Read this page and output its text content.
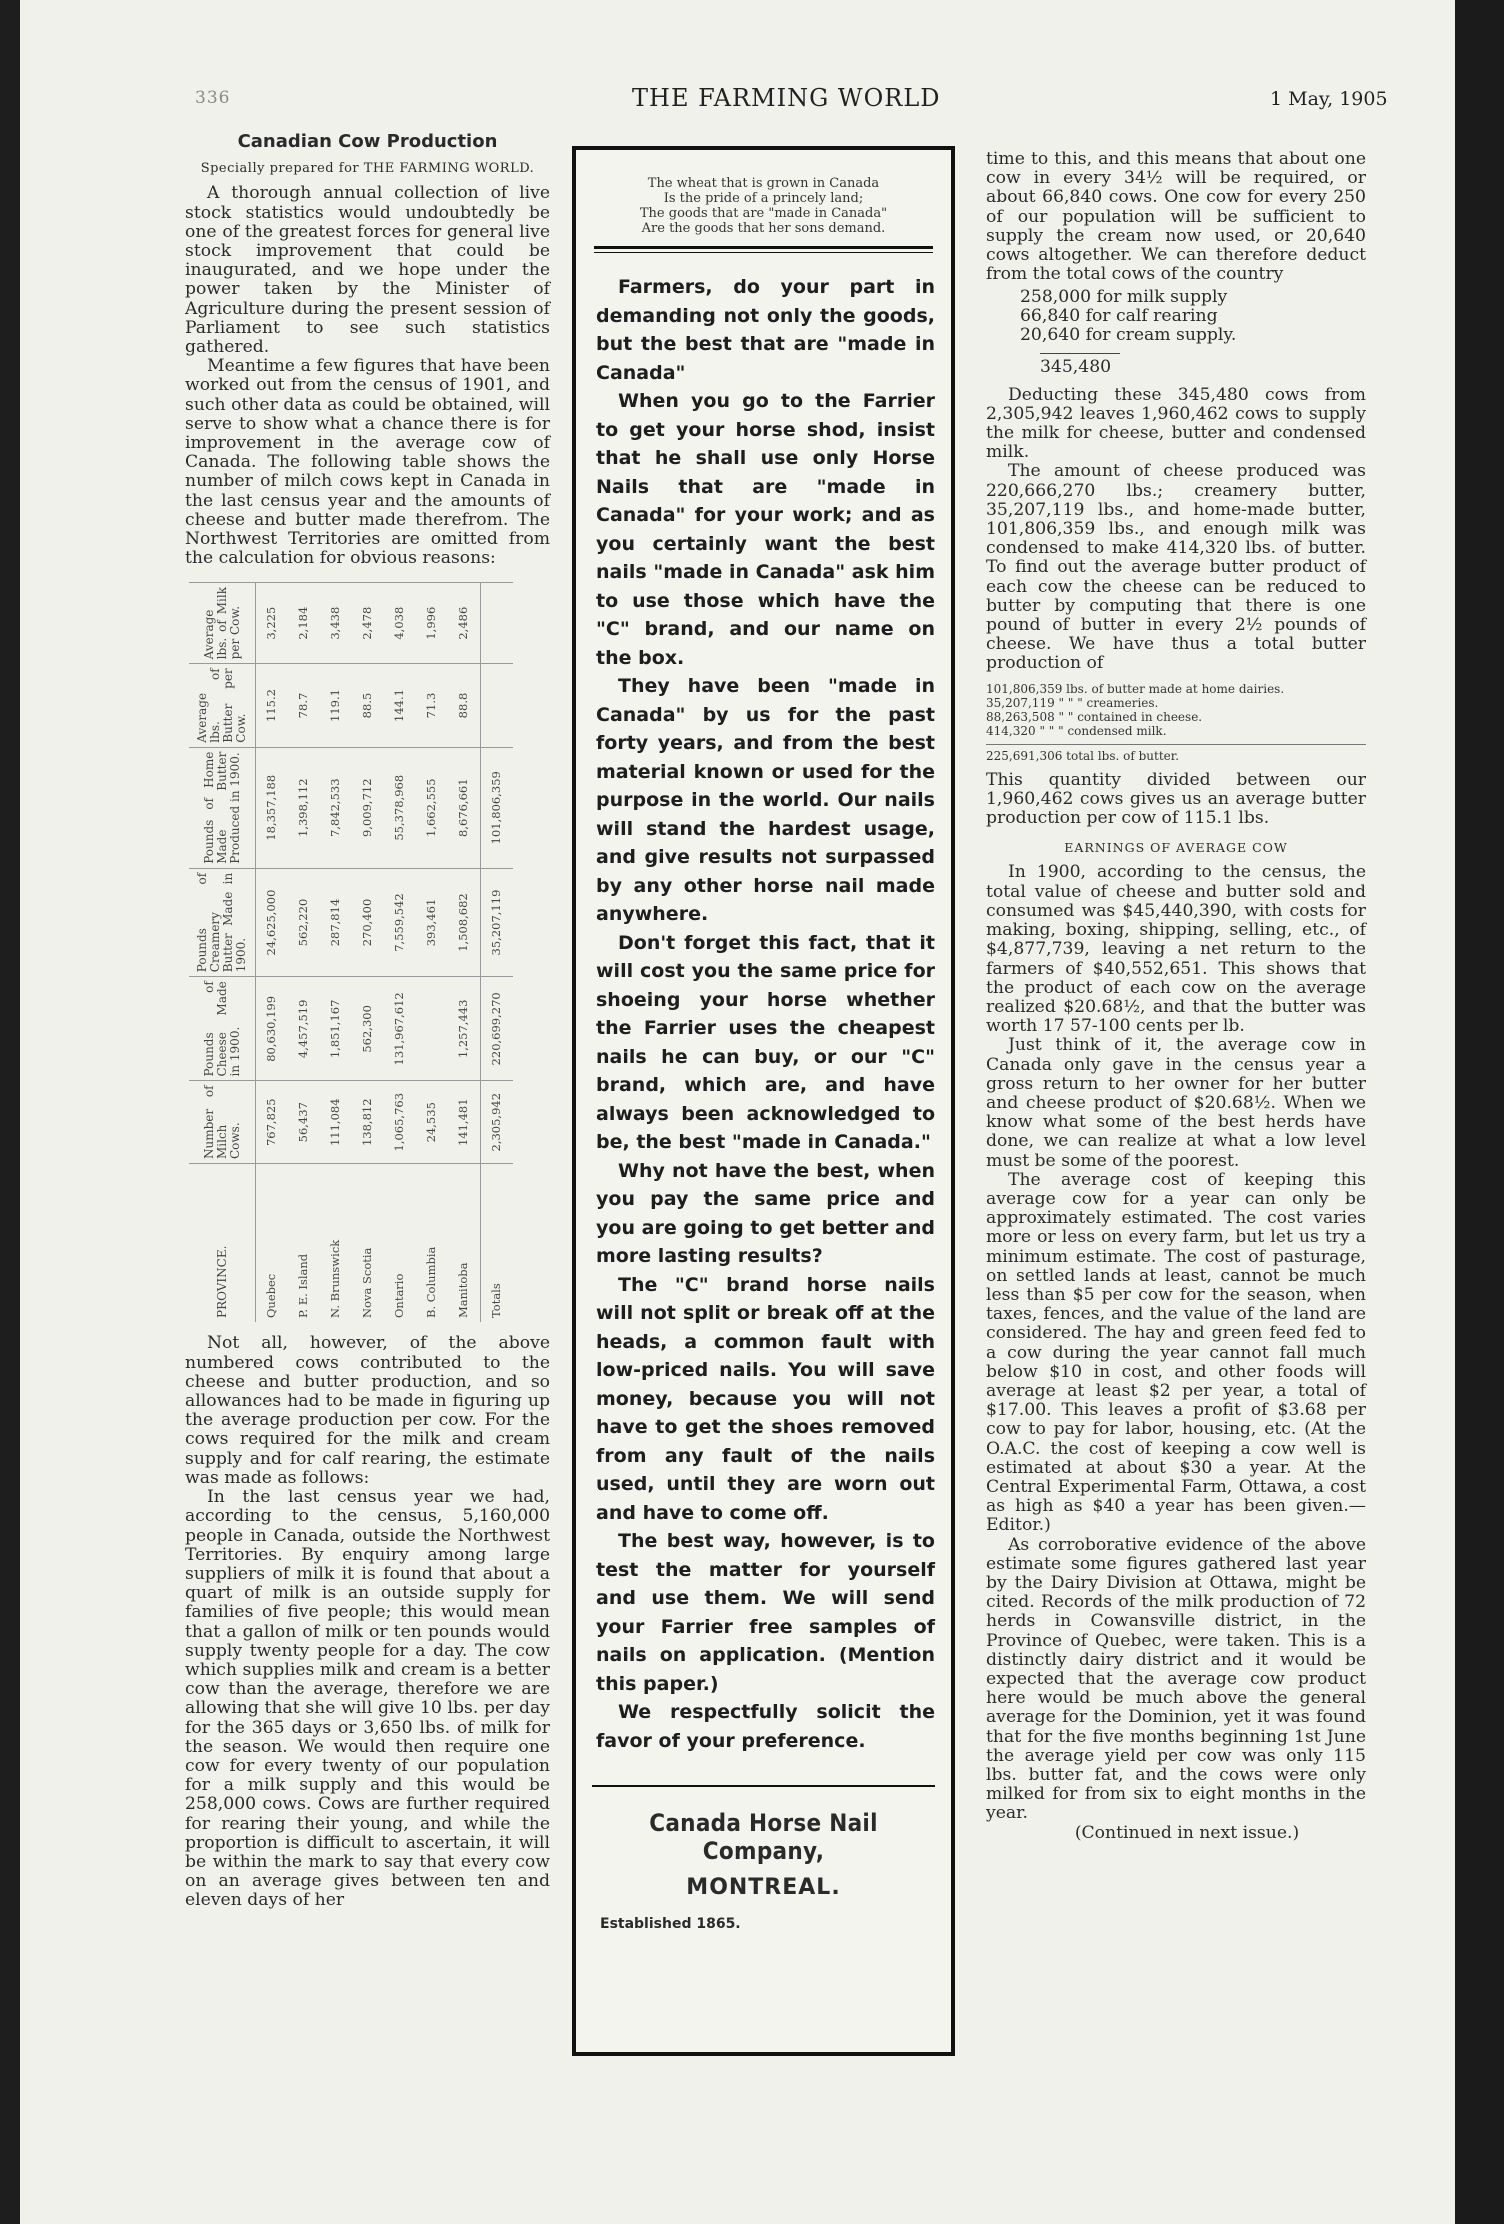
336	THE FARMING WORLD	1 May, 1905
Canadian Cow Production
Specially prepared for THE FARMING WORLD.

A thorough annual collection of live stock statistics would undoubtedly be one of the greatest forces for general live stock improvement that could be inaugurated, and we hope under the power taken by the Minister of Agriculture during the present session of Parliament to see such statistics gathered.

Meantime a few figures that have been worked out from the census of 1901, and such other data as could be obtained, will serve to show what a chance there is for improvement in the average cow of Canada. The following table shows the number of milch cows kept in Canada in the last census year and the amounts of cheese and butter made therefrom. The Northwest Territories are omitted from the calculation for obvious reasons:

PROVINCE.	Number of Milch Cows.	Pounds of Cheese Made in 1900.	Pounds of Creamery Butter Made in 1900.	Pounds of Home Made Butter Produced in 1900.	Average lbs. of Butter per Cow.	Average lbs. of Milk per Cow.
Quebec	767,825	80,630,199	24,625,000	18,357,188	115.2	3,225
P. E. Island	56,437	4,457,519	562,220	1,398,112	78.7	2,184
N. Brunswick	111,084	1,851,167	287,814	7,842,533	119.1	3,438
Nova Scotia	138,812	562,300	270,400	9,009,712	88.5	2,478
Ontario	1,065,763	131,967,612	7,559,542	55,378,968	144.1	4,038
B. Columbia	24,535		393,461	1,662,555	71.3	1,996
Manitoba	141,481	1,257,443	1,508,682	8,676,661	88.8	2,486
Totals	2,305,942	220,699,270	35,207,119	101,806,359		

Not all, however, of the above numbered cows contributed to the cheese and butter production, and so allowances had to be made in figuring up the average production per cow. For the cows required for the milk and cream supply and for calf rearing, the estimate was made as follows:

In the last census year we had, according to the census, 5,160,000 people in Canada, outside the Northwest Territories. By enquiry among large suppliers of milk it is found that about a quart of milk is an outside supply for families of five people; this would mean that a gallon of milk or ten pounds would supply twenty people for a day. The cow which supplies milk and cream is a better cow than the average, therefore we are allowing that she will give 10 lbs. per day for the 365 days or 3,650 lbs. of milk for the season. We would then require one cow for every twenty of our population for a milk supply and this would be 258,000 cows. Cows are further required for rearing their young, and while the proportion is difficult to ascertain, it will be within the mark to say that every cow on an average gives between ten and eleven days of her

The wheat that is grown in Canada
Is the pride of a princely land;
The goods that are "made in Canada"
Are the goods that her sons demand.

Farmers, do your part in demanding not only the goods, but the best that are "made in Canada"

When you go to the Farrier to get your horse shod, insist that he shall use only Horse Nails that are "made in Canada" for your work; and as you certainly want the best nails "made in Canada" ask him to use those which have the "C" brand, and our name on the box.

They have been "made in Canada" by us for the past forty years, and from the best material known or used for the purpose in the world. Our nails will stand the hardest usage, and give results not surpassed by any other horse nail made anywhere.

Don't forget this fact, that it will cost you the same price for shoeing your horse whether the Farrier uses the cheapest nails he can buy, or our "C" brand, which are, and have always been acknowledged to be, the best "made in Canada."

Why not have the best, when you pay the same price and you are going to get better and more lasting results?

The "C" brand horse nails will not split or break off at the heads, a common fault with low-priced nails. You will save money, because you will not have to get the shoes removed from any fault of the nails used, until they are worn out and have to come off.

The best way, however, is to test the matter for yourself and use them. We will send your Farrier free samples of nails on application. (Mention this paper.)

We respectfully solicit the favor of your preference.

Canada Horse Nail Company,
MONTREAL.
Established 1865.

time to this, and this means that about one cow in every 34½ will be required, or about 66,840 cows. One cow for every 250 of our population will be sufficient to supply the cream now used, or 20,640 cows altogether. We can therefore deduct from the total cows of the country

258,000 for milk supply
66,840 for calf rearing
20,640 for cream supply.
345,480

Deducting these 345,480 cows from 2,305,942 leaves 1,960,462 cows to supply the milk for cheese, butter and condensed milk.

The amount of cheese produced was 220,666,270 lbs.; creamery butter, 35,207,119 lbs., and home-made butter, 101,806,359 lbs., and enough milk was condensed to make 414,320 lbs. of butter. To find out the average butter product of each cow the cheese can be reduced to butter by computing that there is one pound of butter in every 2½ pounds of cheese. We have thus a total butter production of

101,806,359 lbs. of butter made at home dairies.
35,207,119 " " " creameries.
88,263,508 " " contained in cheese.
414,320 " " " condensed milk.
225,691,306 total lbs. of butter.

This quantity divided between our 1,960,462 cows gives us an average butter production per cow of 115.1 lbs.

EARNINGS OF AVERAGE COW

In 1900, according to the census, the total value of cheese and butter sold and consumed was $45,440,390, with costs for making, boxing, shipping, selling, etc., of $4,877,739, leaving a net return to the farmers of $40,552,651. This shows that the product of each cow on the average realized $20.68½, and that the butter was worth 17 57-100 cents per lb.

Just think of it, the average cow in Canada only gave in the census year a gross return to her owner for her butter and cheese product of $20.68½. When we know what some of the best herds have done, we can realize at what a low level must be some of the poorest.

The average cost of keeping this average cow for a year can only be approximately estimated. The cost varies more or less on every farm, but let us try a minimum estimate. The cost of pasturage, on settled lands at least, cannot be much less than $5 per cow for the season, when taxes, fences, and the value of the land are considered. The hay and green feed fed to a cow during the year cannot fall much below $10 in cost, and other foods will average at least $2 per year, a total of $17.00. This leaves a profit of $3.68 per cow to pay for labor, housing, etc. (At the O.A.C. the cost of keeping a cow well is estimated at about $30 a year. At the Central Experimental Farm, Ottawa, a cost as high as $40 a year has been given.—Editor.)

As corroborative evidence of the above estimate some figures gathered last year by the Dairy Division at Ottawa, might be cited. Records of the milk production of 72 herds in Cowansville district, in the Province of Quebec, were taken. This is a distinctly dairy district and it would be expected that the average cow product here would be much above the general average for the Dominion, yet it was found that for the five months beginning 1st June the average yield per cow was only 115 lbs. butter fat, and the cows were only milked for from six to eight months in the year.

(Continued in next issue.)
